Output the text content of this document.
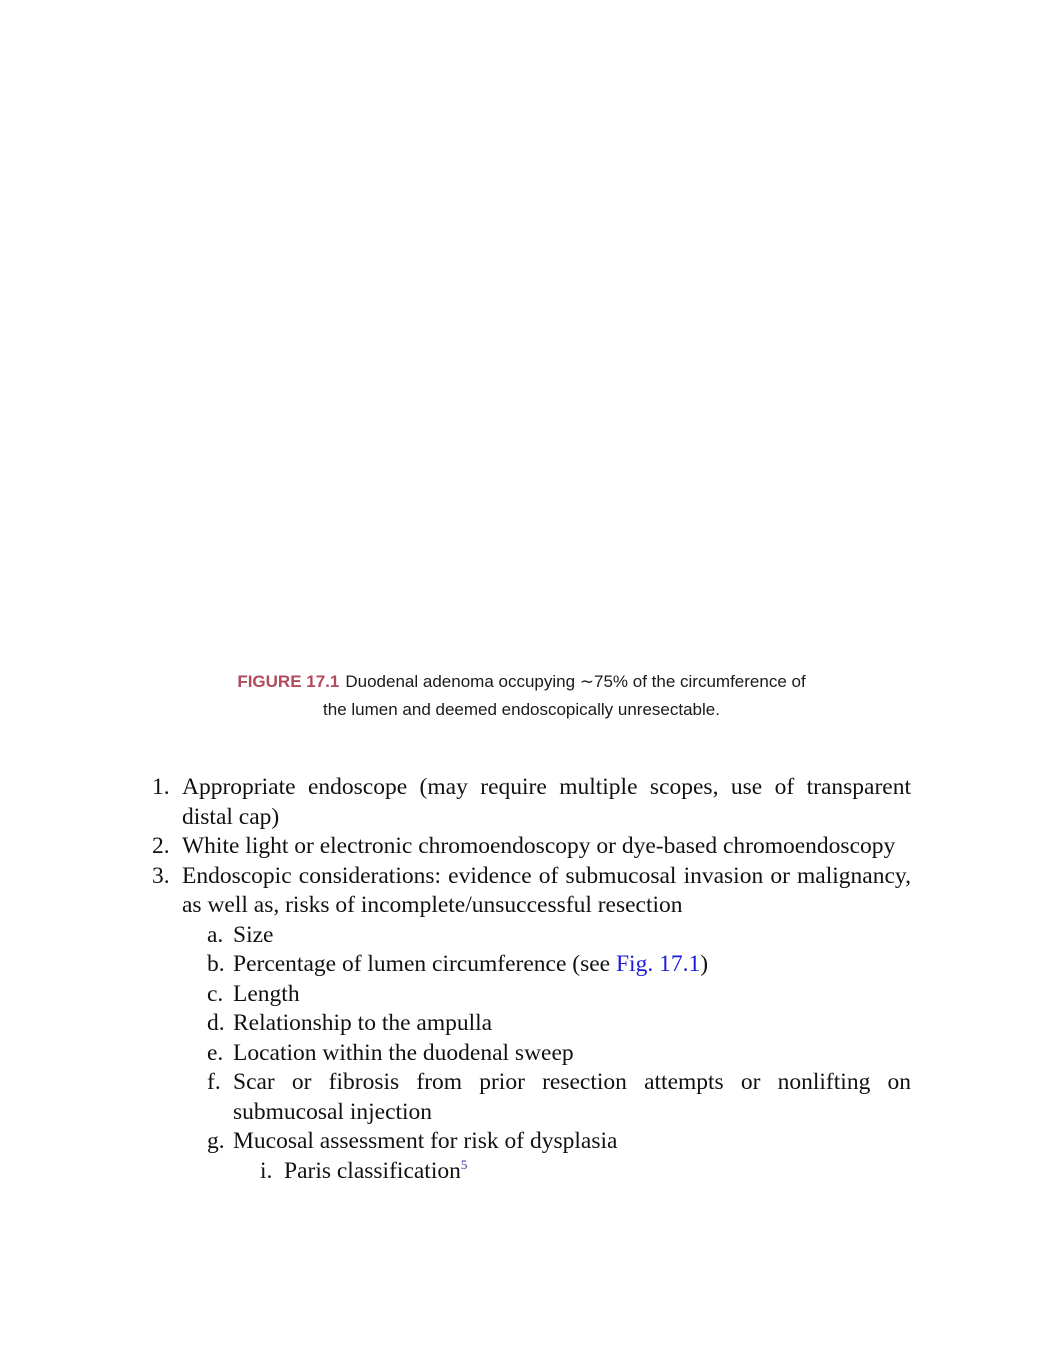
FIGURE 17.1 Duodenal adenoma occupying ∼75% of the circumference of
the lumen and deemed endoscopically unresectable.
1. Appropriate endoscope (may require multiple scopes, use of transparent distal cap)
2. White light or electronic chromoendoscopy or dye-based chromoendoscopy
3. Endoscopic considerations: evidence of submucosal invasion or malignancy, as well as, risks of incomplete/unsuccessful resection
a. Size
b. Percentage of lumen circumference (see Fig. 17.1)
c. Length
d. Relationship to the ampulla
e. Location within the duodenal sweep
f. Scar or fibrosis from prior resection attempts or nonlifting on submucosal injection
g. Mucosal assessment for risk of dysplasia
i. Paris classification$^5$
